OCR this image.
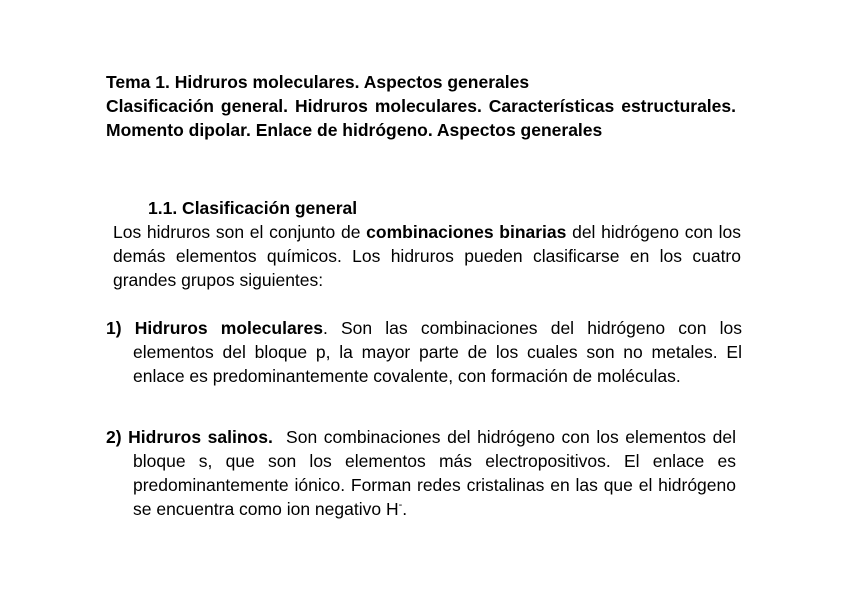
Tema 1. Hidruros moleculares. Aspectos generales
Clasificación general. Hidruros moleculares. Características estructurales. Momento dipolar. Enlace de hidrógeno. Aspectos generales
1.1. Clasificación general
Los hidruros son el conjunto de combinaciones binarias del hidrógeno con los demás elementos químicos. Los hidruros pueden clasificarse en los cuatro grandes grupos siguientes:
1) Hidruros moleculares. Son las combinaciones del hidrógeno con los elementos del bloque p, la mayor parte de los cuales son no metales. El enlace es predominantemente covalente, con formación de moléculas.
2) Hidruros salinos.  Son combinaciones del hidrógeno con los elementos del bloque s, que son los elementos más electropositivos. El enlace es predominantemente iónico. Forman redes cristalinas en las que el hidrógeno se encuentra como ion negativo H-.
